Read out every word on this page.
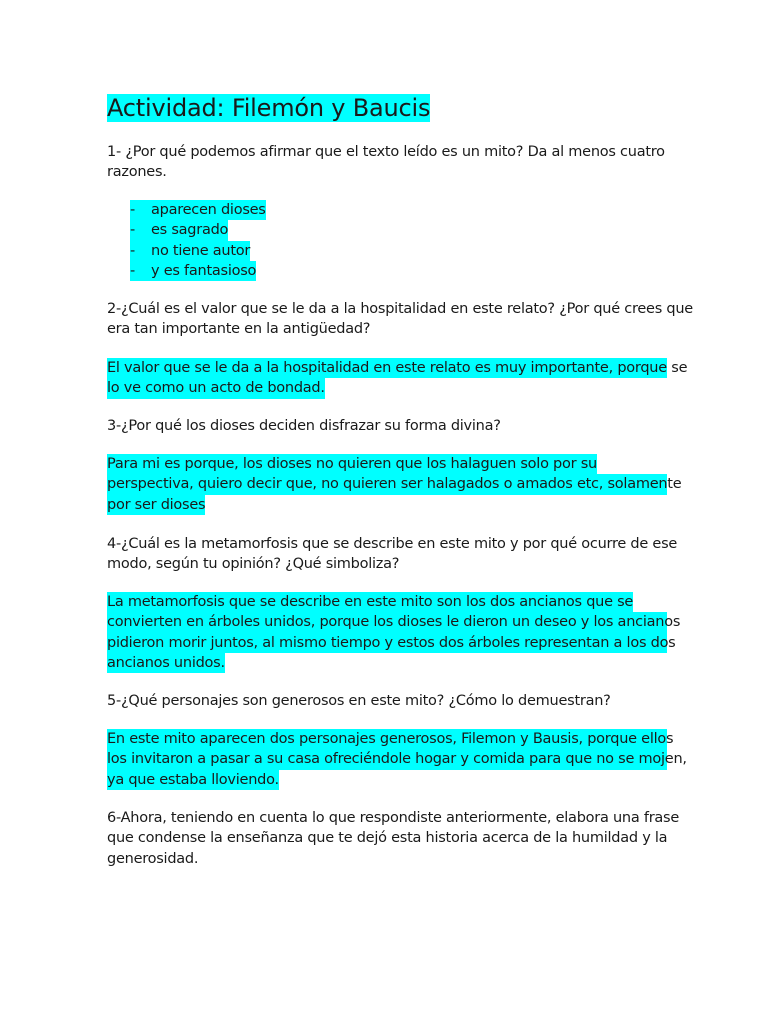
Actividad: Filemón y Baucis
1- ¿Por qué podemos afirmar que el texto leído es un mito? Da al menos cuatro
razones.
-	aparecen dioses
-	es sagrado
-	no tiene autor
-	y es fantasioso
2-¿Cuál es el valor que se le da a la hospitalidad en este relato? ¿Por qué crees que
era tan importante en la antigüedad?
El valor que se le da a la hospitalidad en este relato es muy importante, porque se
lo ve como un acto de bondad.
3-¿Por qué los dioses deciden disfrazar su forma divina?
Para mi es porque, los dioses no quieren que los halaguen solo por su
perspectiva, quiero decir que, no quieren ser halagados o amados etc, solamente
por ser dioses
4-¿Cuál es la metamorfosis que se describe en este mito y por qué ocurre de ese
modo, según tu opinión? ¿Qué simboliza?
La metamorfosis que se describe en este mito son los dos ancianos que se
convierten en árboles unidos, porque los dioses le dieron un deseo y los ancianos
pidieron morir juntos, al mismo tiempo y estos dos árboles representan a los dos
ancianos unidos.
5-¿Qué personajes son generosos en este mito? ¿Cómo lo demuestran?
En este mito aparecen dos personajes generosos, Filemon y Bausis, porque ellos
los invitaron a pasar a su casa ofreciéndole hogar y comida para que no se mojen,
ya que estaba lloviendo.
6-Ahora, teniendo en cuenta lo que respondiste anteriormente, elabora una frase
que condense la enseñanza que te dejó esta historia acerca de la humildad y la
generosidad.
